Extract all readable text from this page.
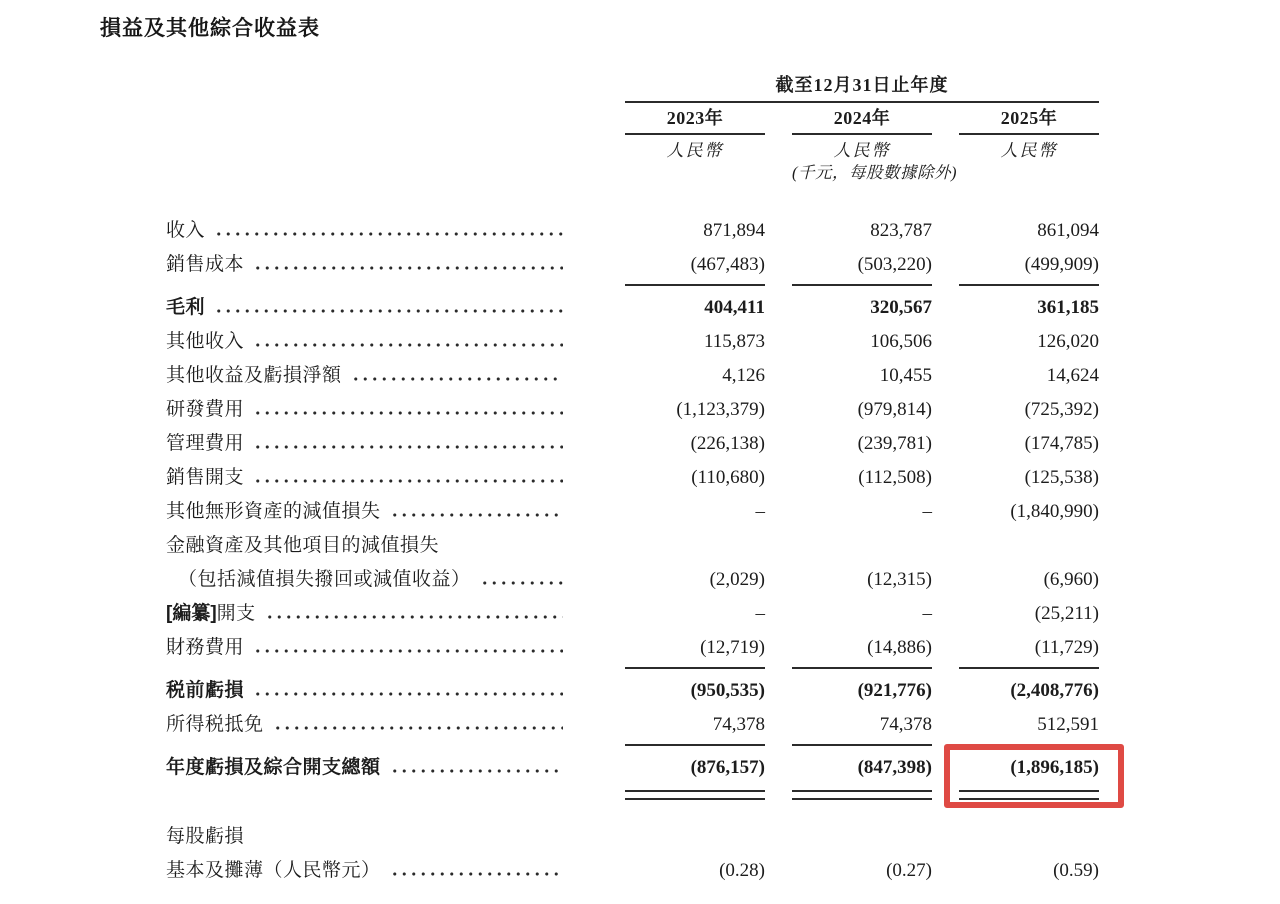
損益及其他綜合收益表
截至12月31日止年度
2023年	2024年	2025年
人民幣	人民幣	人民幣
(千元，每股數據除外)
收入	871,894	823,787	861,094
銷售成本	(467,483)	(503,220)	(499,909)
毛利	404,411	320,567	361,185
其他收入	115,873	106,506	126,020
其他收益及虧損淨額	4,126	10,455	14,624
研發費用	(1,123,379)	(979,814)	(725,392)
管理費用	(226,138)	(239,781)	(174,785)
銷售開支	(110,680)	(112,508)	(125,538)
其他無形資產的減值損失	–	–	(1,840,990)
金融資產及其他項目的減值損失
（包括減值損失撥回或減值收益）	(2,029)	(12,315)	(6,960)
[編纂] 開支	–	–	(25,211)
財務費用	(12,719)	(14,886)	(11,729)
税前虧損	(950,535)	(921,776)	(2,408,776)
所得税抵免	74,378	74,378	512,591
年度虧損及綜合開支總額	(876,157)	(847,398)	(1,896,185)
每股虧損
基本及攤薄（人民幣元）	(0.28)	(0.27)	(0.59)
